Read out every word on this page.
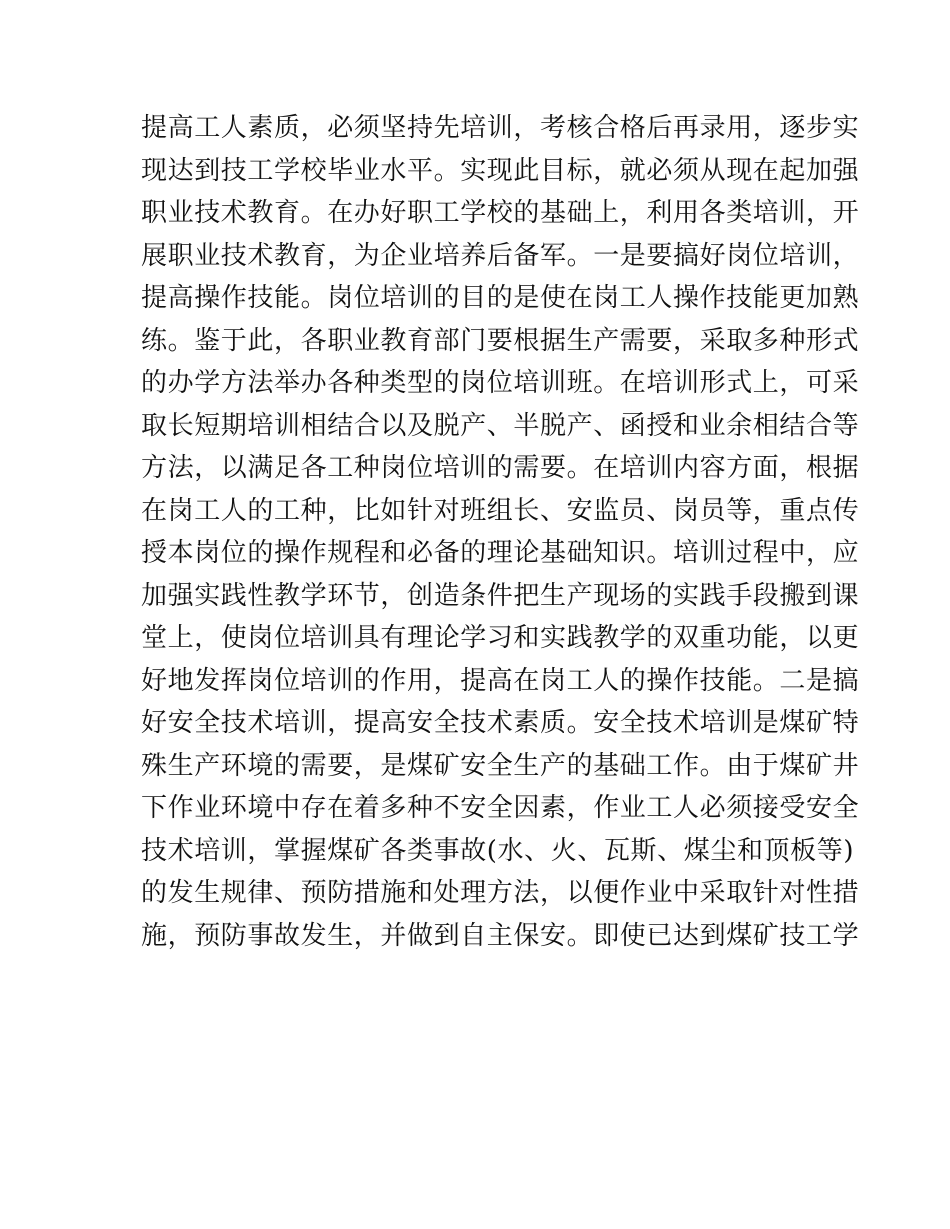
提高工人素质，必须坚持先培训，考核合格后再录用，逐步实
现达到技工学校毕业水平。实现此目标，就必须从现在起加强
职业技术教育。在办好职工学校的基础上，利用各类培训，开
展职业技术教育，为企业培养后备军。一是要搞好岗位培训，
提高操作技能。岗位培训的目的是使在岗工人操作技能更加熟
练。鉴于此，各职业教育部门要根据生产需要，采取多种形式
的办学方法举办各种类型的岗位培训班。在培训形式上，可采
取长短期培训相结合以及脱产、半脱产、函授和业余相结合等
方法，以满足各工种岗位培训的需要。在培训内容方面，根据
在岗工人的工种，比如针对班组长、安监员、岗员等，重点传
授本岗位的操作规程和必备的理论基础知识。培训过程中，应
加强实践性教学环节，创造条件把生产现场的实践手段搬到课
堂上，使岗位培训具有理论学习和实践教学的双重功能，以更
好地发挥岗位培训的作用，提高在岗工人的操作技能。二是搞
好安全技术培训，提高安全技术素质。安全技术培训是煤矿特
殊生产环境的需要，是煤矿安全生产的基础工作。由于煤矿井
下作业环境中存在着多种不安全因素，作业工人必须接受安全
技术培训，掌握煤矿各类事故(水、火、瓦斯、煤尘和顶板等)
的发生规律、预防措施和处理方法，以便作业中采取针对性措
施，预防事故发生，并做到自主保安。即使已达到煤矿技工学
